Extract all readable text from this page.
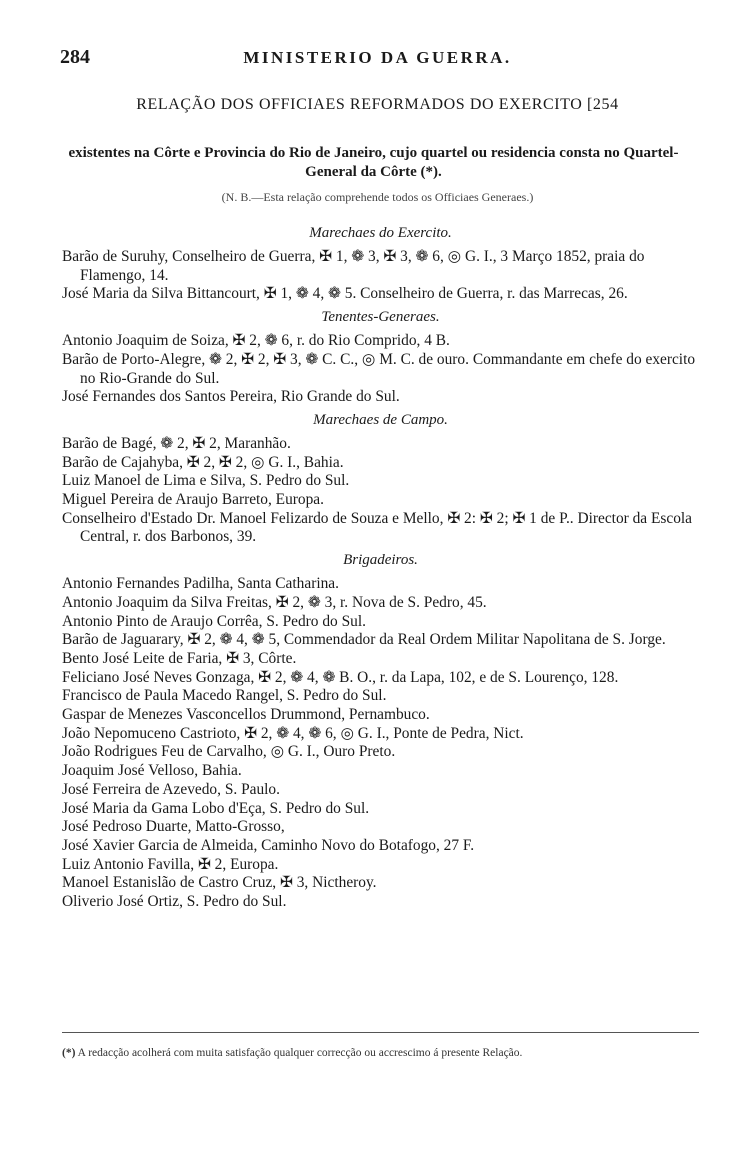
284	MINISTERIO DA GUERRA.
RELAÇÃO DOS OFFICIAES REFORMADOS DO EXERCITO [254
existentes na Côrte e Provincia do Rio de Janeiro, cujo quartel ou residencia consta no Quartel-General da Côrte (*).
(N. B.—Esta relação comprehende todos os Officiaes Generaes.)
Marechaes do Exercito.
Barão de Suruhy, Conselheiro de Guerra, ✠ 1, ❁ 3, ✠ 3, ❁ 6, ◎ G. I., 3 Março 1852, praia do Flamengo, 14.
José Maria da Silva Bittancourt, ✠ 1, ❁ 4, ❁ 5. Conselheiro de Guerra, r. das Marrecas, 26.
Tenentes-Generaes.
Antonio Joaquim de Soiza, ✠ 2, ❁ 6, r. do Rio Comprido, 4 B.
Barão de Porto-Alegre, ❁ 2, ✠ 2, ✠ 3, ❁ C. C., ◎ M. C. de ouro. Commandante em chefe do exercito no Rio-Grande do Sul.
José Fernandes dos Santos Pereira, Rio Grande do Sul.
Marechaes de Campo.
Barão de Bagé, ❁ 2, ✠ 2, Maranhão.
Barão de Cajahyba, ✠ 2, ✠ 2, ◎ G. I., Bahia.
Luiz Manoel de Lima e Silva, S. Pedro do Sul.
Miguel Pereira de Araujo Barreto, Europa.
Conselheiro d'Estado Dr. Manoel Felizardo de Souza e Mello, ✠ 2: ✠ 2; ✠ 1 de P.. Director da Escola Central, r. dos Barbonos, 39.
Brigadeiros.
Antonio Fernandes Padilha, Santa Catharina.
Antonio Joaquim da Silva Freitas, ✠ 2, ❁ 3, r. Nova de S. Pedro, 45.
Antonio Pinto de Araujo Corrêa, S. Pedro do Sul.
Barão de Jaguarary, ✠ 2, ❁ 4, ❁ 5, Commendador da Real Ordem Militar Napolitana de S. Jorge.
Bento José Leite de Faria, ✠ 3, Côrte.
Feliciano José Neves Gonzaga, ✠ 2, ❁ 4, ❁ B. O., r. da Lapa, 102, e de S. Lourenço, 128.
Francisco de Paula Macedo Rangel, S. Pedro do Sul.
Gaspar de Menezes Vasconcellos Drummond, Pernambuco.
João Nepomuceno Castrioto, ✠ 2, ❁ 4, ❁ 6, ◎ G. I., Ponte de Pedra, Nict.
João Rodrigues Feu de Carvalho, ◎ G. I., Ouro Preto.
Joaquim José Velloso, Bahia.
José Ferreira de Azevedo, S. Paulo.
José Maria da Gama Lobo d'Eça, S. Pedro do Sul.
José Pedroso Duarte, Matto-Grosso,
José Xavier Garcia de Almeida, Caminho Novo do Botafogo, 27 F.
Luiz Antonio Favilla, ✠ 2, Europa.
Manoel Estanislão de Castro Cruz, ✠ 3, Nictheroy.
Oliverio José Ortiz, S. Pedro do Sul.
(*) A redacção acolherá com muita satisfação qualquer correcção ou accrescimo á presente Relação.
